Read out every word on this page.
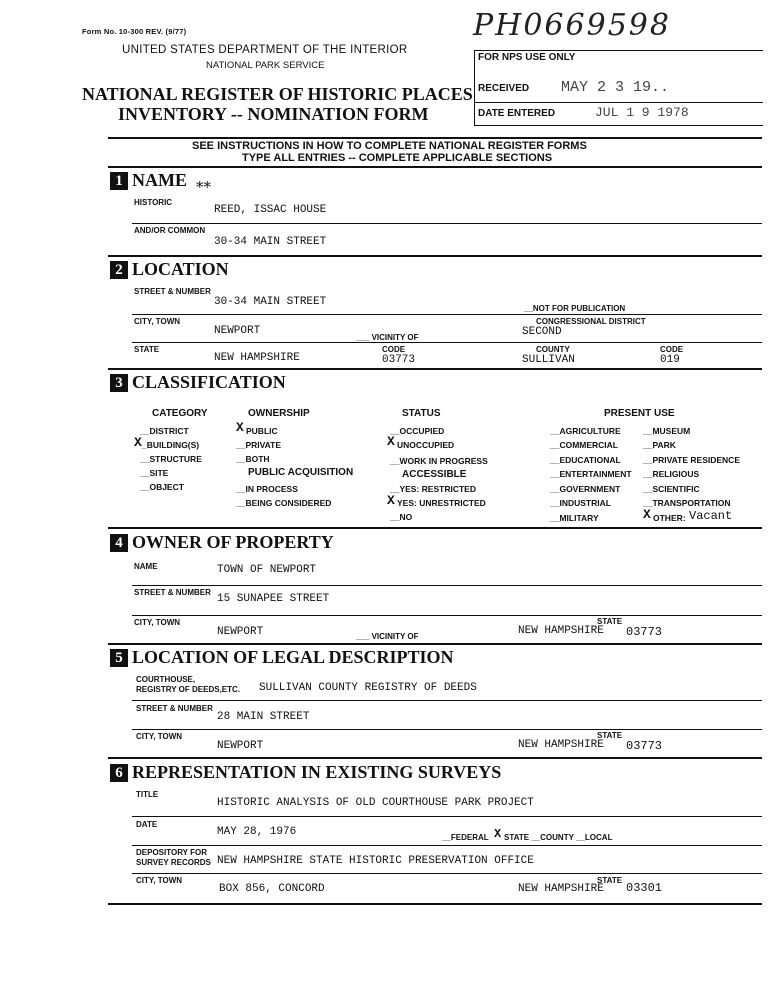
Form No. 10-300 REV. (9/77)
UNITED STATES DEPARTMENT OF THE INTERIOR
NATIONAL PARK SERVICE
NATIONAL REGISTER OF HISTORIC PLACES
INVENTORY -- NOMINATION FORM
PH0669598
FOR NPS USE ONLY
RECEIVED MAY 2 3 19..
DATE ENTERED	JUL 1 9 1978
SEE INSTRUCTIONS IN HOW TO COMPLETE NATIONAL REGISTER FORMS
TYPE ALL ENTRIES -- COMPLETE APPLICABLE SECTIONS
1 NAME **
HISTORIC
REED, ISSAC HOUSE
AND/OR COMMON
30-34 MAIN STREET
2 LOCATION
STREET & NUMBER
30-34 MAIN STREET
__NOT FOR PUBLICATION
CITY, TOWN
NEWPORT
___ VICINITY OF
CONGRESSIONAL DISTRICT
SECOND
STATE
NEW HAMPSHIRE
CODE
03773
COUNTY
SULLIVAN
CODE
019
3 CLASSIFICATION
CATEGORY
__DISTRICT
X _BUILDING(S)
__STRUCTURE
__SITE
__OBJECT
OWNERSHIP
X PUBLIC
__PRIVATE
__BOTH
PUBLIC ACQUISITION
__IN PROCESS
__BEING CONSIDERED
STATUS
__OCCUPIED
X UNOCCUPIED
__WORK IN PROGRESS
ACCESSIBLE
__YES: RESTRICTED
X YES: UNRESTRICTED
__NO
PRESENT USE
__AGRICULTURE
__COMMERCIAL
__EDUCATIONAL
__ENTERTAINMENT
__GOVERNMENT
__INDUSTRIAL
__MILITARY
__MUSEUM
__PARK
__PRIVATE RESIDENCE
__RELIGIOUS
__SCIENTIFIC
__TRANSPORTATION
X OTHER: Vacant
4 OWNER OF PROPERTY
NAME	TOWN OF NEWPORT
STREET & NUMBER
15 SUNAPEE STREET
CITY, TOWN
NEWPORT	___ VICINITY OF
STATE
NEW HAMPSHIRE 03773
5 LOCATION OF LEGAL DESCRIPTION
COURTHOUSE,
REGISTRY OF DEEDS,ETC. SULLIVAN COUNTY REGISTRY OF DEEDS
STREET & NUMBER
28 MAIN STREET
CITY, TOWN
NEWPORT
STATE
NEW HAMPSHIRE 03773
6 REPRESENTATION IN EXISTING SURVEYS
TITLE
HISTORIC ANALYSIS OF OLD COURTHOUSE PARK PROJECT
DATE
MAY 28, 1976	__FEDERAL X STATE __COUNTY __LOCAL
DEPOSITORY FOR
SURVEY RECORDS NEW HAMPSHIRE STATE HISTORIC PRESERVATION OFFICE
CITY, TOWN
BOX 856, CONCORD
STATE
NEW HAMPSHIRE 03301
